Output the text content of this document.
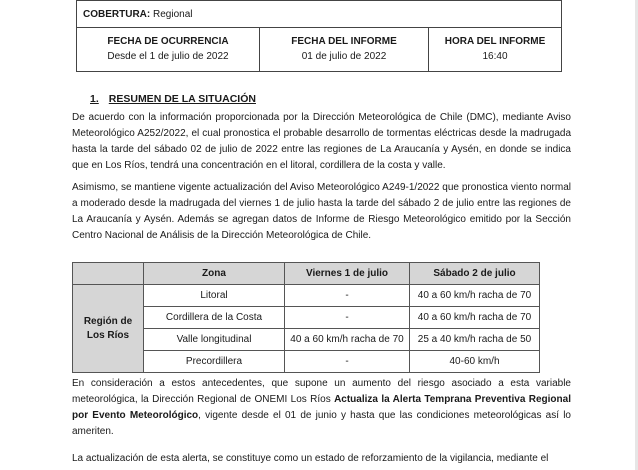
COBERTURA: Regional		
FECHA DE OCURRENCIA	FECHA DEL INFORME	HORA DEL INFORME
Desde el 1 de julio de 2022	01 de julio de 2022	16:40
1. RESUMEN DE LA SITUACIÓN

De acuerdo con la información proporcionada por la Dirección Meteorológica de Chile (DMC), mediante Aviso Meteorológico A252/2022, el cual pronostica el probable desarrollo de tormentas eléctricas desde la madrugada hasta la tarde del sábado 02 de julio de 2022 entre las regiones de La Araucanía y Aysén, en donde se indica que en Los Ríos, tendrá una concentración en el litoral, cordillera de la costa y valle.

Asimismo, se mantiene vigente actualización del Aviso Meteorológico A249-1/2022 que pronostica viento normal a moderado desde la madrugada del viernes 1 de julio hasta la tarde del sábado 2 de julio entre las regiones de La Araucanía y Aysén. Además se agregan datos de Informe de Riesgo Meteorológico emitido por la Sección Centro Nacional de Análisis de la Dirección Meteorológica de Chile.

	Zona	Viernes 1 de julio	Sábado 2 de julio
Región de
Los Ríos	Litoral	-	40 a 60 km/h racha de 70
	Cordillera de la Costa	-	40 a 60 km/h racha de 70
	Valle longitudinal	40 a 60 km/h racha de 70	25 a 40 km/h racha de 50
	Precordillera	-	40-60 km/h

En consideración a estos antecedentes, que supone un aumento del riesgo asociado a esta variable meteorológica, la Dirección Regional de ONEMI Los Ríos Actualiza la Alerta Temprana Preventiva Regional por Evento Meteorológico, vigente desde el 01 de junio y hasta que las condiciones meteorológicas así lo ameriten.

La actualización de esta alerta, se constituye como un estado de reforzamiento de la vigilancia, mediante el
